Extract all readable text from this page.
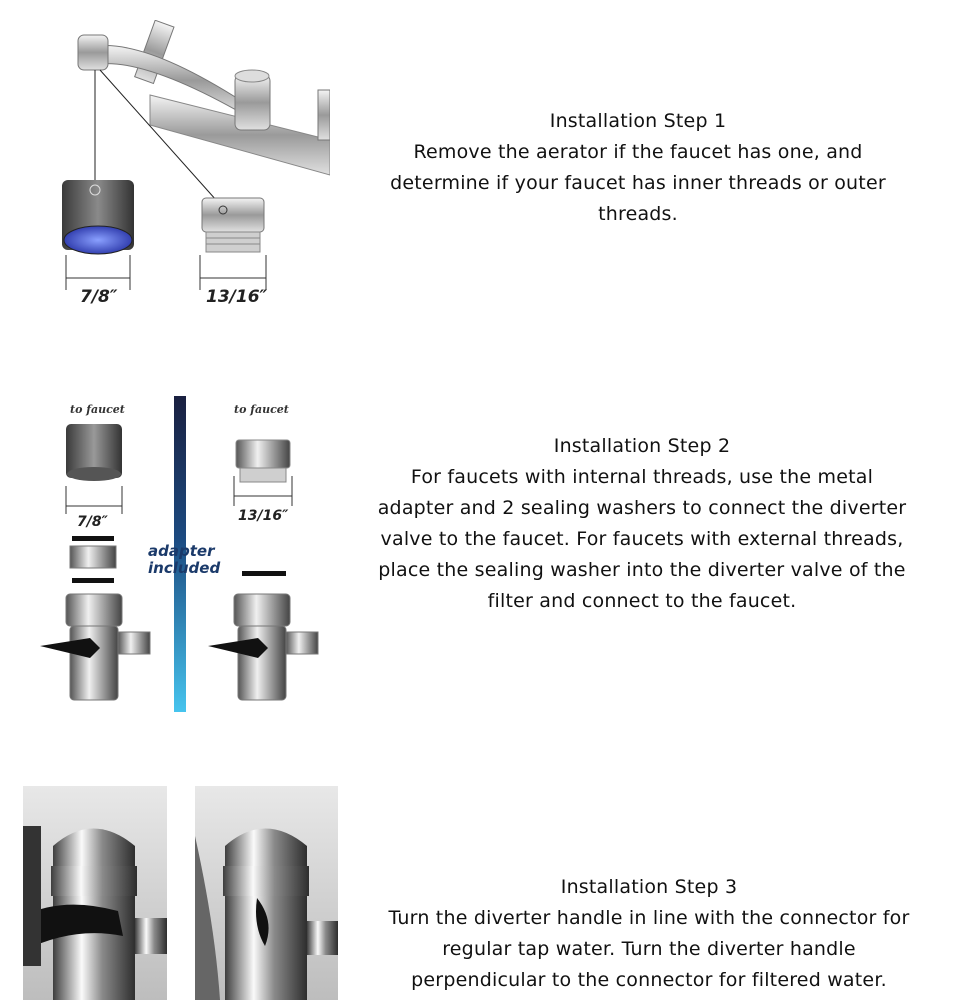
7/8″	13/16″
Installation Step 1
Remove the aerator if the faucet has one, and determine if your faucet has inner threads or outer threads.
to faucet	to faucet
7/8″	13/16″
adapter
included
Installation Step 2
For faucets with internal threads, use the metal adapter and 2 sealing washers to connect the diverter valve to the faucet. For faucets with external threads, place the sealing washer into the diverter valve of the filter and connect to the faucet.
Installation Step 3
Turn the diverter handle in line with the connector for regular tap water. Turn the diverter handle perpendicular to the connector for filtered water.
